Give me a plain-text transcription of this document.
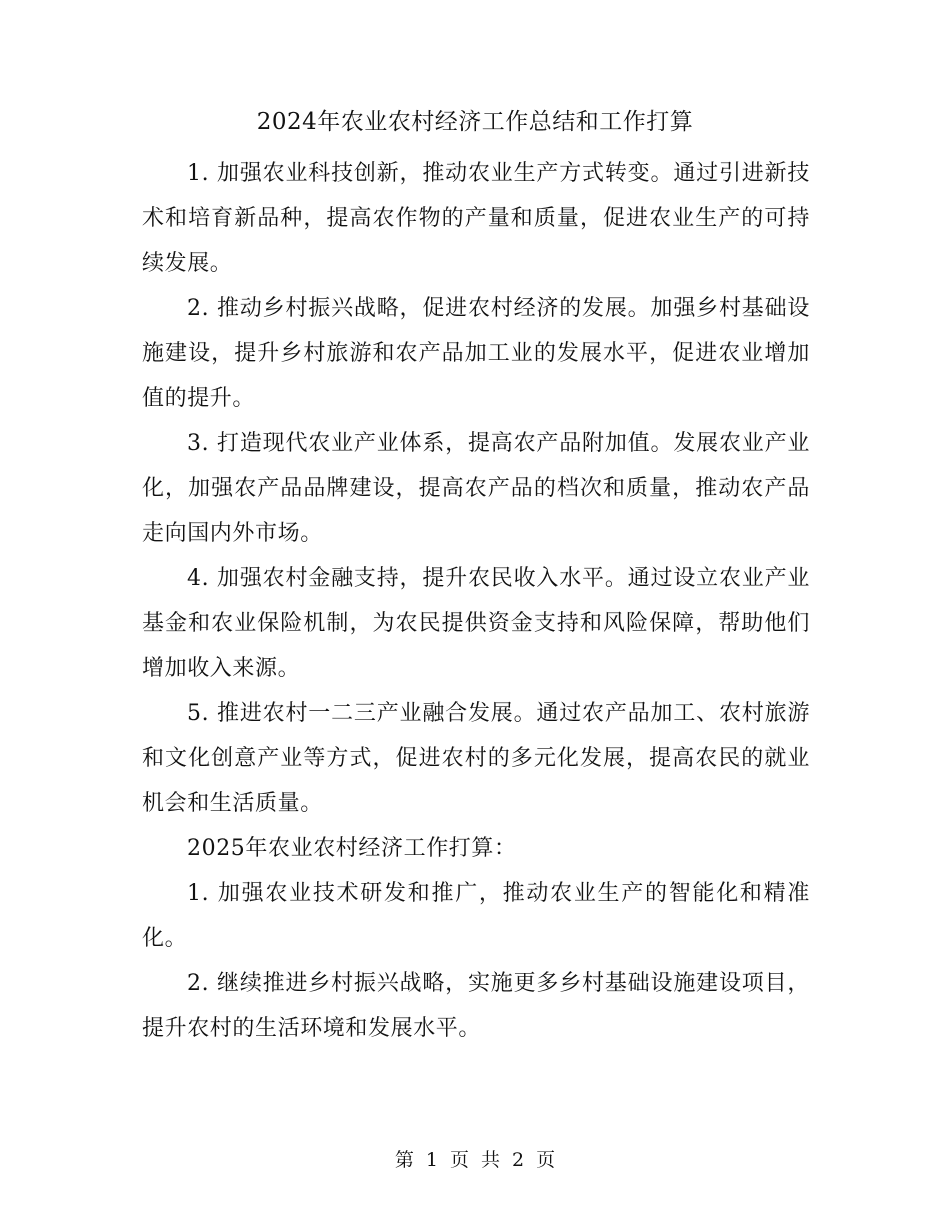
2024年农业农村经济工作总结和工作打算

1. 加强农业科技创新，推动农业生产方式转变。通过引进新技术和培育新品种，提高农作物的产量和质量，促进农业生产的可持续发展。

2. 推动乡村振兴战略，促进农村经济的发展。加强乡村基础设施建设，提升乡村旅游和农产品加工业的发展水平，促进农业增加值的提升。

3. 打造现代农业产业体系，提高农产品附加值。发展农业产业化，加强农产品品牌建设，提高农产品的档次和质量，推动农产品走向国内外市场。

4. 加强农村金融支持，提升农民收入水平。通过设立农业产业基金和农业保险机制，为农民提供资金支持和风险保障，帮助他们增加收入来源。

5. 推进农村一二三产业融合发展。通过农产品加工、农村旅游和文化创意产业等方式，促进农村的多元化发展，提高农民的就业机会和生活质量。

2025年农业农村经济工作打算：

1. 加强农业技术研发和推广，推动农业生产的智能化和精准化。

2. 继续推进乡村振兴战略，实施更多乡村基础设施建设项目，提升农村的生活环境和发展水平。

第 1 页 共 2 页
